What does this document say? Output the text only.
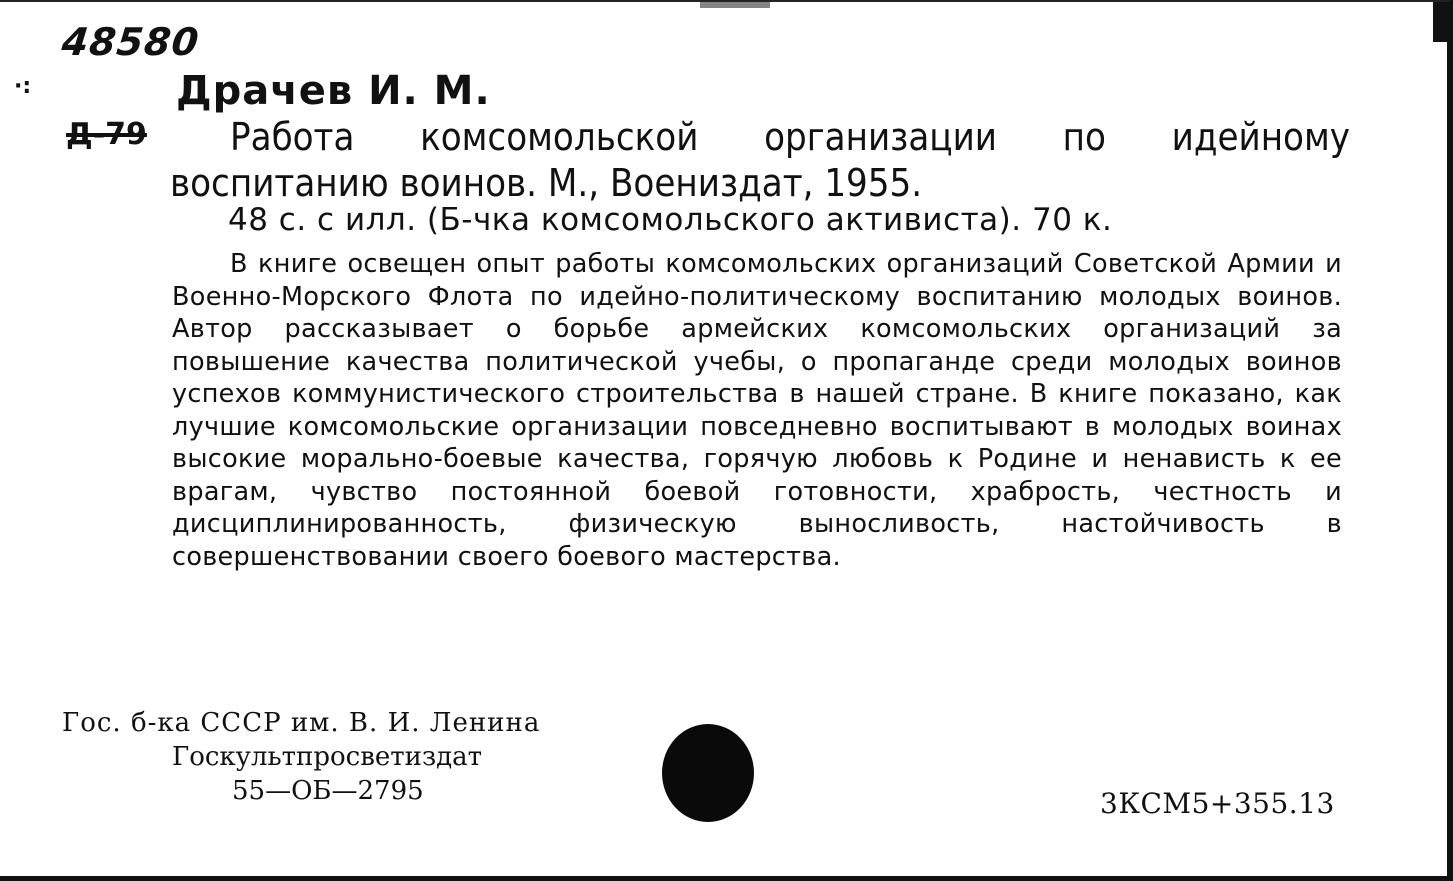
48580
·:	Драчев И. М.
Д-79	Работа комсомольской организации по идейному воспитанию воинов. М., Воениздат, 1955.
48 с. с илл. (Б-чка комсомольского активиста). 70 к.
В книге освещен опыт работы комсомольских организаций Советской Армии и Военно-Морского Флота по идейно-политическому воспитанию молодых воинов. Автор рассказывает о борьбе армейских комсомольских организаций за повышение качества политической учебы, о пропаганде среди молодых воинов успехов коммунистического строительства в нашей стране. В книге показано, как лучшие комсомольские организации повседневно воспитывают в молодых воинах высокие морально-боевые качества, горячую любовь к Родине и ненависть к ее врагам, чувство постоянной боевой готовности, храбрость, честность и дисциплинированность, физическую выносливость, настойчивость в совершенствовании своего боевого мастерства.
Гос. б-ка СССР им. В. И. Ленина
Госкультпросветиздат
55—ОБ—2795	3КСМ5+355.13
